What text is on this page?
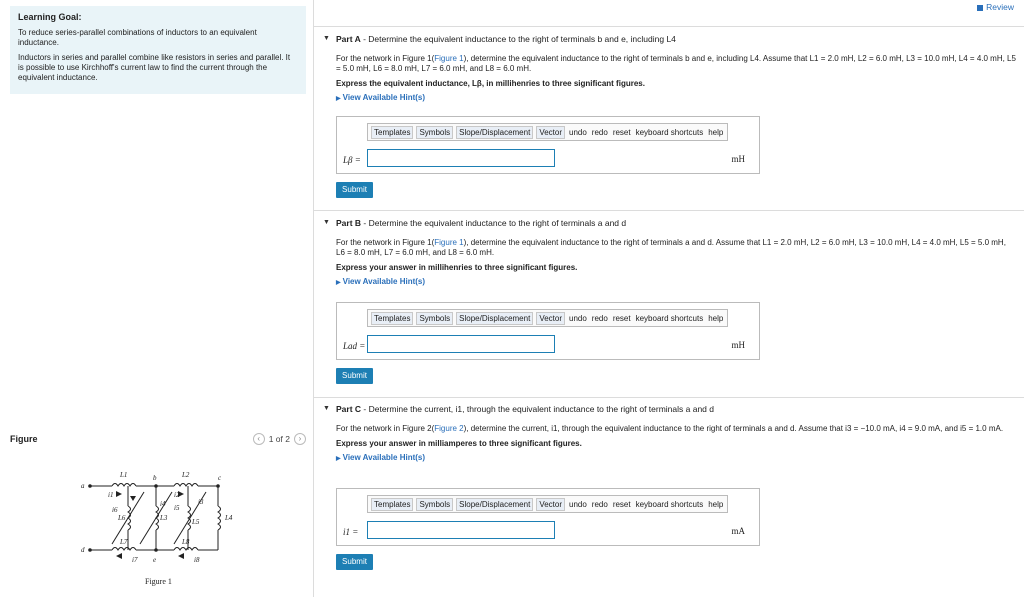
Learning Goal:
To reduce series-parallel combinations of inductors to an equivalent inductance.
Inductors in series and parallel combine like resistors in series and parallel. It is possible to use Kirchhoff's current law to find the current through the equivalent inductance.
Figure	‹	1 of 2	›
a
d
b
e
c
L1	L2
L3	L4
L5
L6
L7	L8
i1	i2
i3
i4 i5
i6
i7	i8
Figure 1
Review
▼ Part A - Determine the equivalent inductance to the right of terminals b and e, including L4
For the network in Figure 1(Figure 1), determine the equivalent inductance to the right of terminals b and e, including L4. Assume that L1 = 2.0 mH, L2 = 6.0 mH, L3 = 10.0 mH, L4 = 4.0 mH, L5 = 5.0 mH, L6 = 8.0 mH, L7 = 6.0 mH, and L8 = 6.0 mH.
Express the equivalent inductance, Lβ, in millihenries to three significant figures.
▶ View Available Hint(s)
Templates	Symbols	Slope/Displacement	Vector undo redo reset keyboard shortcuts help
Lβ =	mH
Submit
▼ Part B - Determine the equivalent inductance to the right of terminals a and d
For the network in Figure 1(Figure 1), determine the equivalent inductance to the right of terminals a and d. Assume that L1 = 2.0 mH, L2 = 6.0 mH, L3 = 10.0 mH, L4 = 4.0 mH, L5 = 5.0 mH, L6 = 8.0 mH, L7 = 6.0 mH, and L8 = 6.0 mH.
Express your answer in millihenries to three significant figures.
▶ View Available Hint(s)
Templates	Symbols	Slope/Displacement	Vector undo redo reset keyboard shortcuts help
Lad =	mH
Submit
▼ Part C - Determine the current, i1, through the equivalent inductance to the right of terminals a and d
For the network in Figure 2(Figure 2), determine the current, i1, through the equivalent inductance to the right of terminals a and d. Assume that i3 = −10.0 mA, i4 = 9.0 mA, and i5 = 1.0 mA.
Express your answer in milliamperes to three significant figures.
▶ View Available Hint(s)
Templates	Symbols	Slope/Displacement	Vector undo redo reset keyboard shortcuts help
i1 =	mA
Submit
